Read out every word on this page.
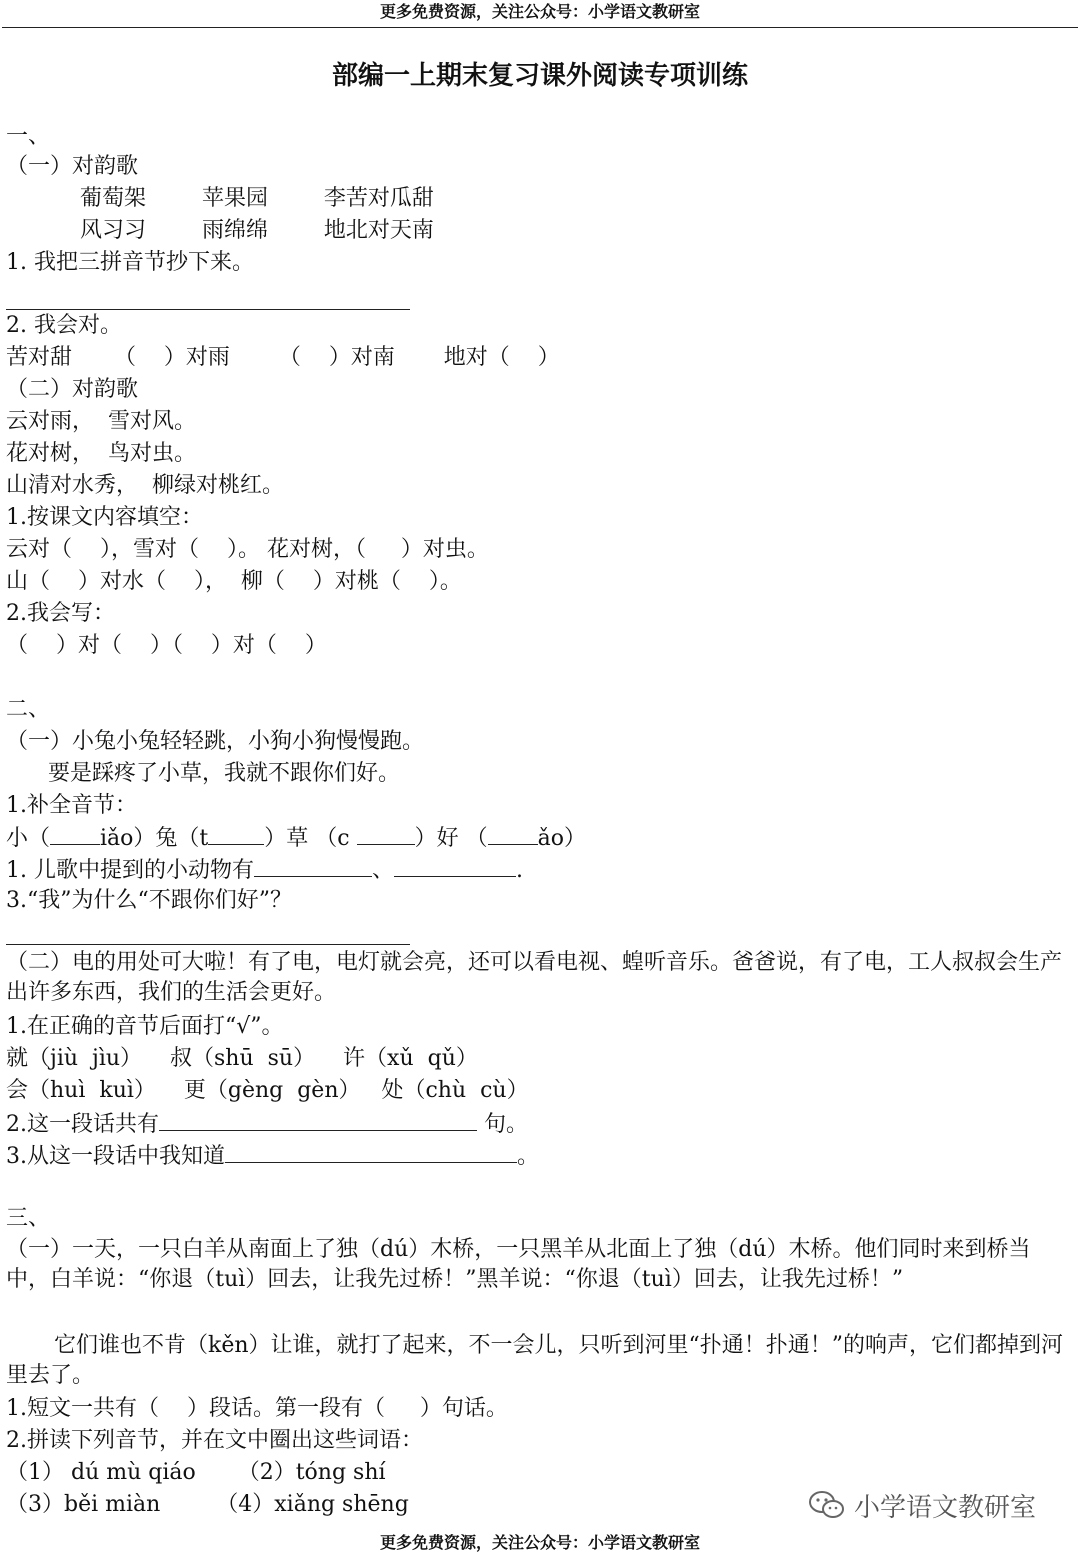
更多免费资源，关注公众号：小学语文教研室
部编一上期末复习课外阅读专项训练
一、
（一）对韵歌
葡萄架        苹果园        李苦对瓜甜
风习习        雨绵绵        地北对天南
1. 我把三拼音节抄下来。
2. 我会对。
苦对甜      （    ）对雨       （    ）对南       地对（    ）
（二）对韵歌
云对雨，  雪对风。
花对树，  鸟对虫。
山清对水秀，  柳绿对桃红。
1.按课文内容填空：
云对（    ），雪对（    ）。 花对树，（     ）对虫。
山（    ）对水（    ），  柳（    ）对桃（    ）。
2.我会写：
（    ）对（    ）（    ）对（    ）
二、
（一）小兔小兔轻轻跳，小狗小狗慢慢跑。
要是踩疼了小草，我就不跟你们好。
1.补全音节：
小（ iǎo）兔（t	）草 （c	）好 （ ǎo）
1. 儿歌中提到的小动物有	、	.
3.“我”为什么“不跟你们好”？
（二）电的用处可大啦！有了电，电灯就会亮，还可以看电视、蝗听音乐。爸爸说，有了电，工人叔叔会生产出许多东西，我们的生活会更好。
1.在正确的音节后面打“√”。
就（jiù  jìu）    叔（shū  sū）    许（xǔ  qǔ）
会（huì  kuì）    更（gèng  gèn）   处（chù  cù）
2.这一段话共有	句。
3.从这一段话中我知道	。
三、
（一）一天，一只白羊从南面上了独（dú）木桥，一只黑羊从北面上了独（dú）木桥。他们同时来到桥当中，白羊说：“你退（tuì）回去，让我先过桥！”黑羊说：“你退（tuì）回去，让我先过桥！”
它们谁也不肯（kěn）让谁，就打了起来，不一会儿，只听到河里“扑通！扑通！”的响声，它们都掉到河里去了。
1.短文一共有（    ）段话。第一段有（     ）句话。
2.拼读下列音节，并在文中圈出这些词语：
（1） dú mù qiáo      （2）tóng shí
（3）běi miàn        （4）xiǎng shēng	小学语文教研室
更多免费资源，关注公众号：小学语文教研室
